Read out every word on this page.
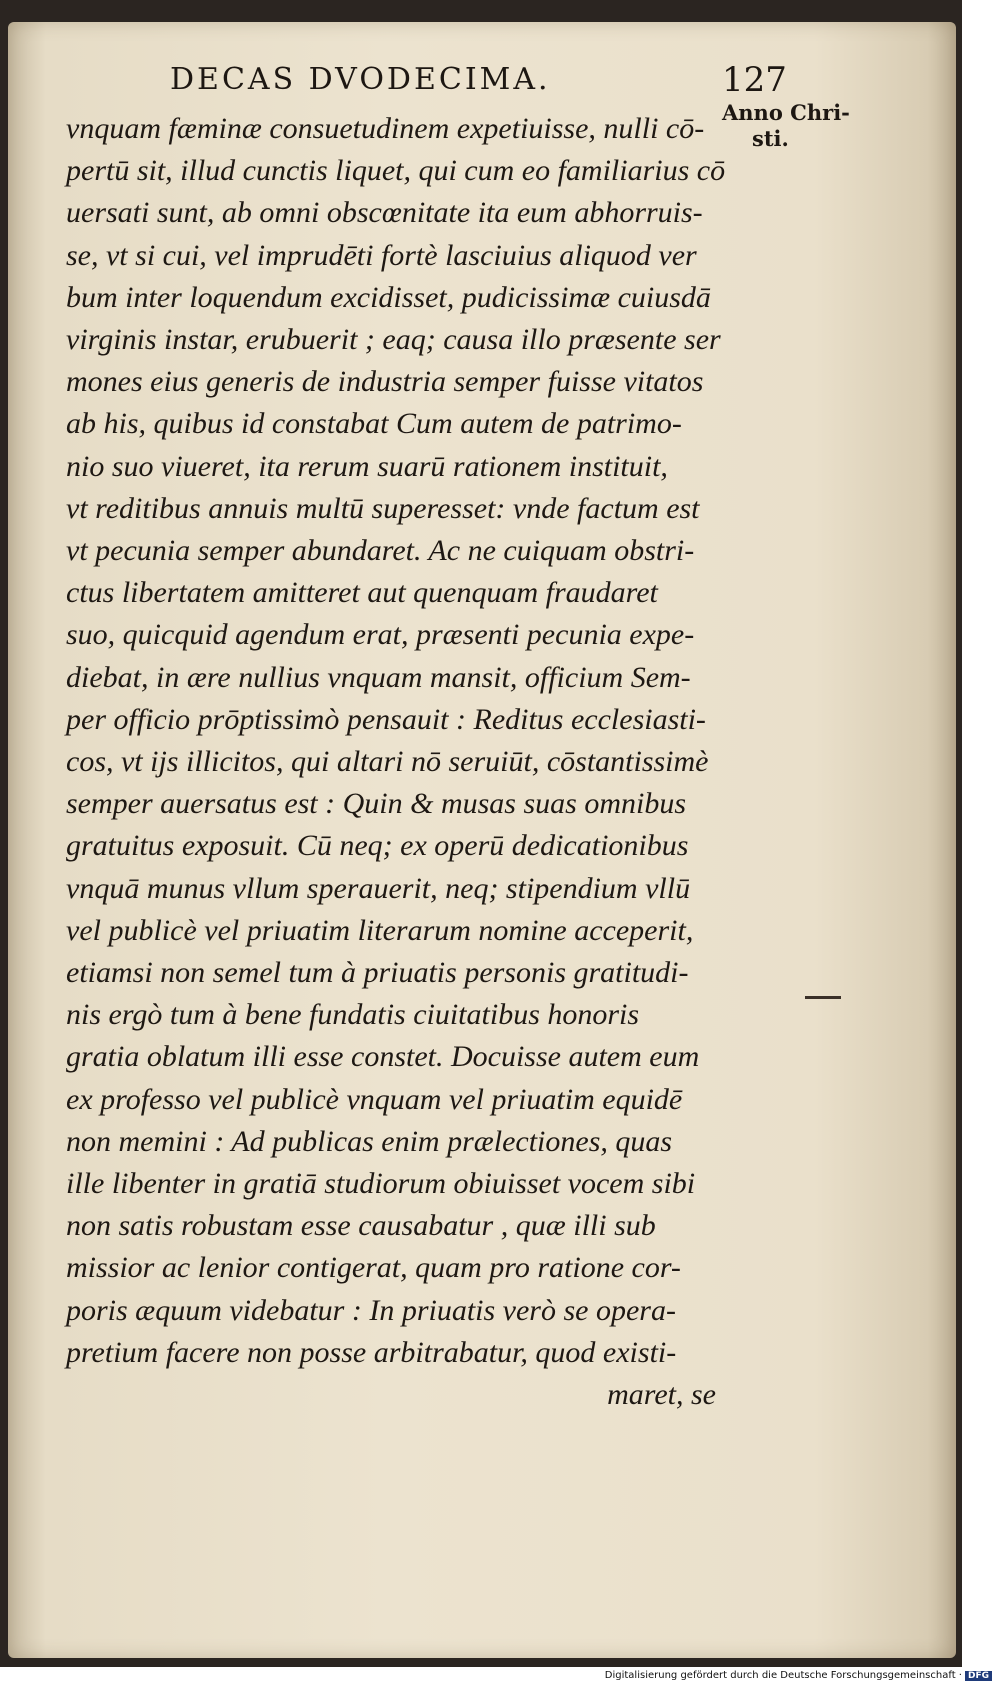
DECAS DVODECIMA.	127
Anno Chri-
sti.
vnquam fæminæ consuetudinem expetiuisse, nulli cō-
pertū sit, illud cunctis liquet, qui cum eo familiarius cō
uersati sunt, ab omni obscœnitate ita eum abhorruis-
se, vt si cui, vel imprudēti fortè lasciuius aliquod ver
bum inter loquendum excidisset, pudicissimæ cuiusdā
virginis instar, erubuerit ; eaq; causa illo præsente ser
mones eius generis de industria semper fuisse vitatos
ab his, quibus id constabat Cum autem de patrimo-
nio suo viueret, ita rerum suarū rationem instituit,
vt reditibus annuis multū superesset: vnde factum est
vt pecunia semper abundaret. Ac ne cuiquam obstri-
ctus libertatem amitteret aut quenquam fraudaret
suo, quicquid agendum erat, præsenti pecunia expe-
diebat, in ære nullius vnquam mansit, officium Sem-
per officio prōptissimò pensauit : Reditus ecclesiasti-
cos, vt ijs illicitos, qui altari nō seruiūt, cōstantissimè
semper auersatus est : Quin & musas suas omnibus
gratuitus exposuit. Cū neq; ex operū dedicationibus
vnquā munus vllum sperauerit, neq; stipendium vllū
vel publicè vel priuatim literarum nomine acceperit,
etiamsi non semel tum à priuatis personis gratitudi-
nis ergò tum à bene fundatis ciuitatibus honoris
gratia oblatum illi esse constet. Docuisse autem eum
ex professo vel publicè vnquam vel priuatim equidē
non memini : Ad publicas enim prælectiones, quas
ille libenter in gratiā studiorum obiuisset vocem sibi
non satis robustam esse causabatur , quæ illi sub
missior ac lenior contigerat, quam pro ratione cor-
poris æquum videbatur : In priuatis verò se opera-
pretium facere non posse arbitrabatur, quod existi-
maret, se
Digitalisierung gefördert durch die Deutsche Forschungsgemeinschaft · DFG
